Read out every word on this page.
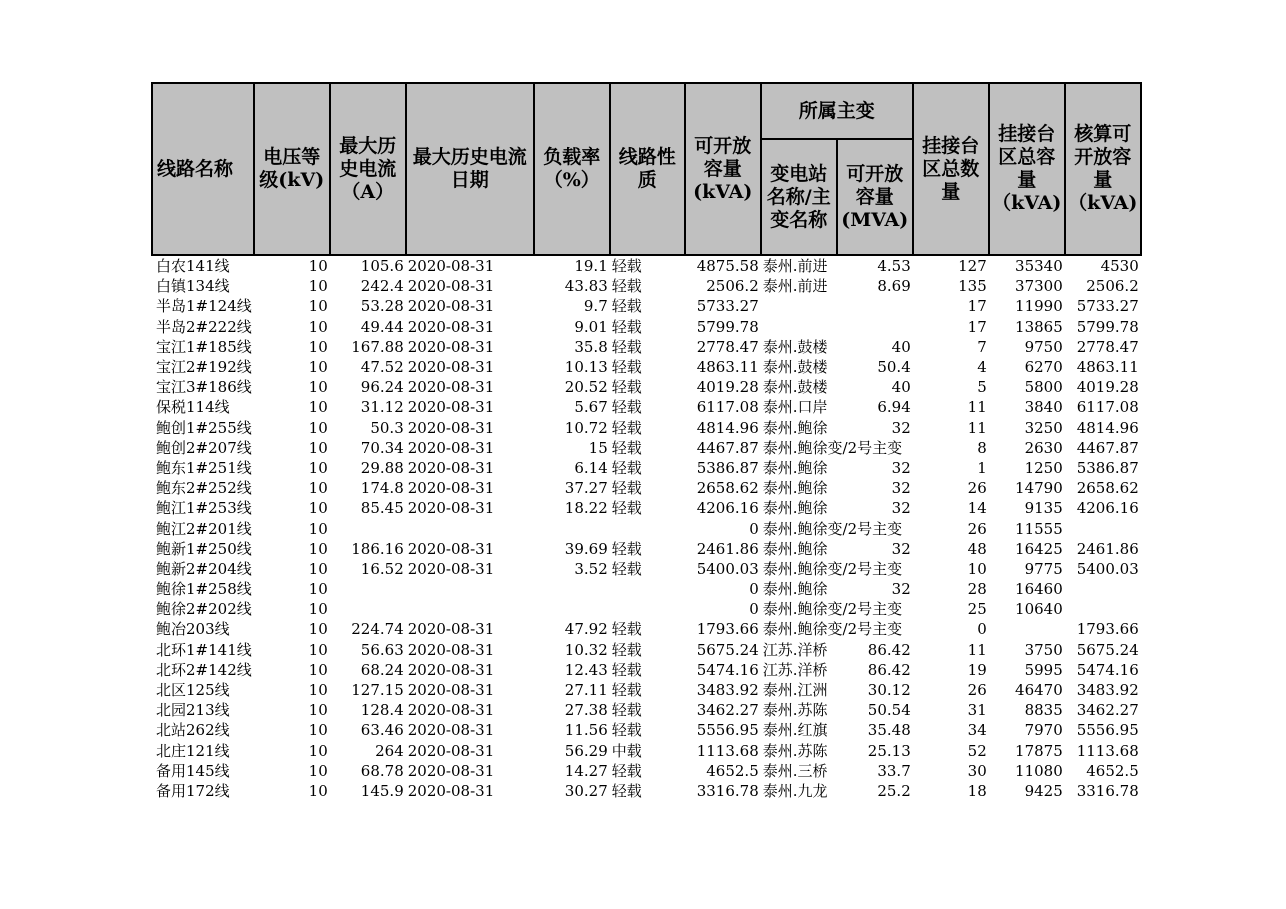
线路名称	电压等级(kV)	最大历史电流（A）	最大历史电流日期	负载率（%）	线路性质	可开放容量(kVA)	所属主变		挂接台区总数量	挂接台区总容量（kVA)	核算可开放容量（kVA)
							变电站名称/主变名称	可开放容量(MVA)			
白农141线	10	105.6	2020-08-31	19.1	轻载	4875.58	泰州.前进	4.53	127	35340	4530
白镇134线	10	242.4	2020-08-31	43.83	轻载	2506.2	泰州.前进	8.69	135	37300	2506.2
半岛1#124线	10	53.28	2020-08-31	9.7	轻载	5733.27			17	11990	5733.27
半岛2#222线	10	49.44	2020-08-31	9.01	轻载	5799.78			17	13865	5799.78
宝江1#185线	10	167.88	2020-08-31	35.8	轻载	2778.47	泰州.鼓楼	40	7	9750	2778.47
宝江2#192线	10	47.52	2020-08-31	10.13	轻载	4863.11	泰州.鼓楼	50.4	4	6270	4863.11
宝江3#186线	10	96.24	2020-08-31	20.52	轻载	4019.28	泰州.鼓楼	40	5	5800	4019.28
保税114线	10	31.12	2020-08-31	5.67	轻载	6117.08	泰州.口岸	6.94	11	3840	6117.08
鲍创1#255线	10	50.3	2020-08-31	10.72	轻载	4814.96	泰州.鲍徐	32	11	3250	4814.96
鲍创2#207线	10	70.34	2020-08-31	15	轻载	4467.87	泰州.鲍徐变/2号主变		8	2630	4467.87
鲍东1#251线	10	29.88	2020-08-31	6.14	轻载	5386.87	泰州.鲍徐	32	1	1250	5386.87
鲍东2#252线	10	174.8	2020-08-31	37.27	轻载	2658.62	泰州.鲍徐	32	26	14790	2658.62
鲍江1#253线	10	85.45	2020-08-31	18.22	轻载	4206.16	泰州.鲍徐	32	14	9135	4206.16
鲍江2#201线	10					0	泰州.鲍徐变/2号主变		26	11555	
鲍新1#250线	10	186.16	2020-08-31	39.69	轻载	2461.86	泰州.鲍徐	32	48	16425	2461.86
鲍新2#204线	10	16.52	2020-08-31	3.52	轻载	5400.03	泰州.鲍徐变/2号主变		10	9775	5400.03
鲍徐1#258线	10					0	泰州.鲍徐	32	28	16460	
鲍徐2#202线	10					0	泰州.鲍徐变/2号主变		25	10640	
鲍冶203线	10	224.74	2020-08-31	47.92	轻载	1793.66	泰州.鲍徐变/2号主变		0		1793.66
北环1#141线	10	56.63	2020-08-31	10.32	轻载	5675.24	江苏.洋桥	86.42	11	3750	5675.24
北环2#142线	10	68.24	2020-08-31	12.43	轻载	5474.16	江苏.洋桥	86.42	19	5995	5474.16
北区125线	10	127.15	2020-08-31	27.11	轻载	3483.92	泰州.江洲	30.12	26	46470	3483.92
北园213线	10	128.4	2020-08-31	27.38	轻载	3462.27	泰州.苏陈	50.54	31	8835	3462.27
北站262线	10	63.46	2020-08-31	11.56	轻载	5556.95	泰州.红旗	35.48	34	7970	5556.95
北庄121线	10	264	2020-08-31	56.29	中载	1113.68	泰州.苏陈	25.13	52	17875	1113.68
备用145线	10	68.78	2020-08-31	14.27	轻载	4652.5	泰州.三桥	33.7	30	11080	4652.5
备用172线	10	145.9	2020-08-31	30.27	轻载	3316.78	泰州.九龙	25.2	18	9425	3316.78
